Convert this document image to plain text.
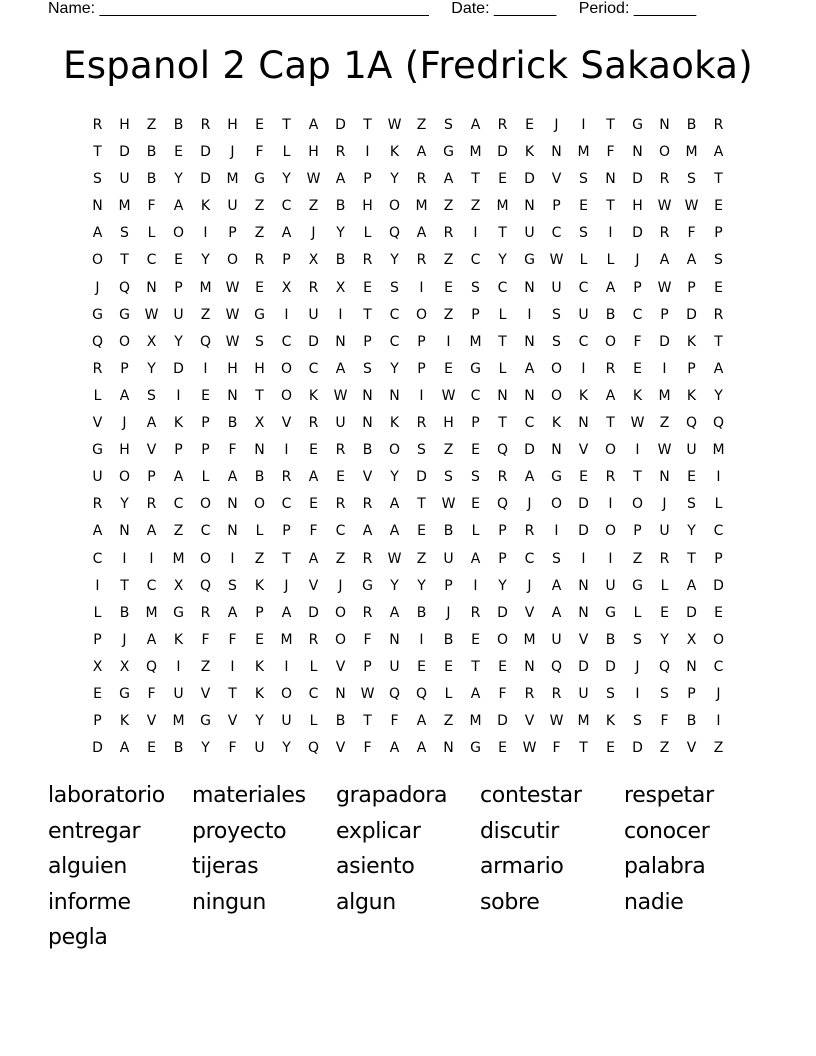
Name: _____________________________________ Date: _______ Period: _______
Espanol 2 Cap 1A (Fredrick Sakaoka)
R	H	Z	B	R	H	E	T	A	D	T	W	Z	S	A	R	E	J	I	T	G	N	B	R
T	D	B	E	D	J	F	L	H	R	I	K	A	G	M	D	K	N	M	F	N	O	M	A
S	U	B	Y	D	M	G	Y	W	A	P	Y	R	A	T	E	D	V	S	N	D	R	S	T
N	M	F	A	K	U	Z	C	Z	B	H	O	M	Z	Z	M	N	P	E	T	H	W W	E
A	S	L	O	I	P	Z	A	J	Y	L	Q	A	R	I	T	U	C	S	I	D	R	F	P
O	T	C	E	Y	O	R	P	X	B	R	Y	R	Z	C	Y	G	W	L	L	J	A	A	S
J	Q	N	P	M	W	E	X	R	X	E	S	I	E	S	C	N	U	C	A	P	W	P	E
G	G	W	U	Z	W	G	I	U	I	T	C	O	Z	P	L	I	S	U	B	C	P	D	R
Q	O	X	Y	Q	W	S	C	D	N	P	C	P	I	M	T	N	S	C	O	F	D	K	T
R	P	Y	D	I	H	H	O	C	A	S	Y	P	E	G	L	A	O	I	R	E	I	P	A
L	A	S	I	E	N	T	O	K	W	N	N	I	W	C	N	N	O	K	A	K	M	K	Y
V	J	A	K	P	B	X	V	R	U	N	K	R	H	P	T	C	K	N	T	W	Z	Q	Q
G	H	V	P	P	F	N	I	E	R	B	O	S	Z	E	Q	D	N	V	O	I	W	U	M
U	O	P	A	L	A	B	R	A	E	V	Y	D	S	S	R	A	G	E	R	T	N	E	I
R	Y	R	C	O	N	O	C	E	R	R	A	T	W	E	Q	J	O	D	I	O	J	S	L
A	N	A	Z	C	N	L	P	F	C	A	A	E	B	L	P	R	I	D	O	P	U	Y	C
C	I	I	M	O	I	Z	T	A	Z	R	W	Z	U	A	P	C	S	I	I	Z	R	T	P
I	T	C	X	Q	S	K	J	V	J	G	Y	Y	P	I	Y	J	A	N	U	G	L	A	D
L	B	M	G	R	A	P	A	D	O	R	A	B	J	R	D	V	A	N	G	L	E	D	E
P	J	A	K	F	F	E	M	R	O	F	N	I	B	E	O	M	U	V	B	S	Y	X	O
X	X	Q	I	Z	I	K	I	L	V	P	U	E	E	T	E	N	Q	D	D	J	Q	N	C
E	G	F	U	V	T	K	O	C	N	W	Q	Q	L	A	F	R	R	U	S	I	S	P	J
P	K	V	M	G	V	Y	U	L	B	T	F	A	Z	M	D	V	W	M	K	S	F	B	I
D	A	E	B	Y	F	U	Y	Q	V	F	A	A	N	G	E	W	F	T	E	D	Z	V	Z
laboratorio	materiales	grapadora	contestar	respetar
entregar	proyecto	explicar	discutir	conocer
alguien	tijeras	asiento	armario	palabra
informe	ningun	algun	sobre	nadie
pegla
